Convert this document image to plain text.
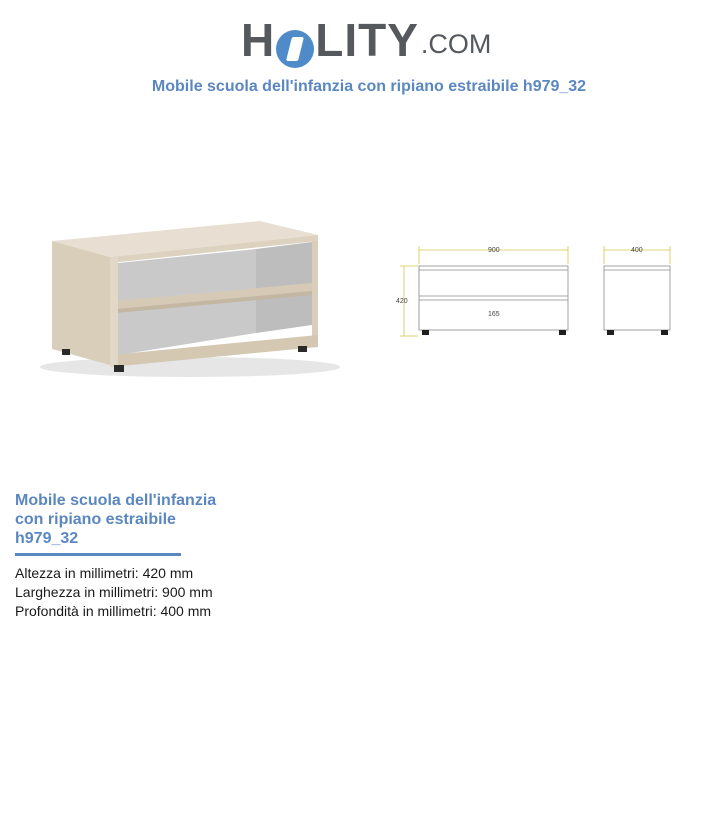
H LITY .COM
Mobile scuola dell'infanzia con ripiano estraibile h979_32
900	400
420
165
Mobile scuola dell'infanzia con ripiano estraibile h979_32
Altezza in millimetri: 420 mm
Larghezza in millimetri: 900 mm
Profondità in millimetri: 400 mm
